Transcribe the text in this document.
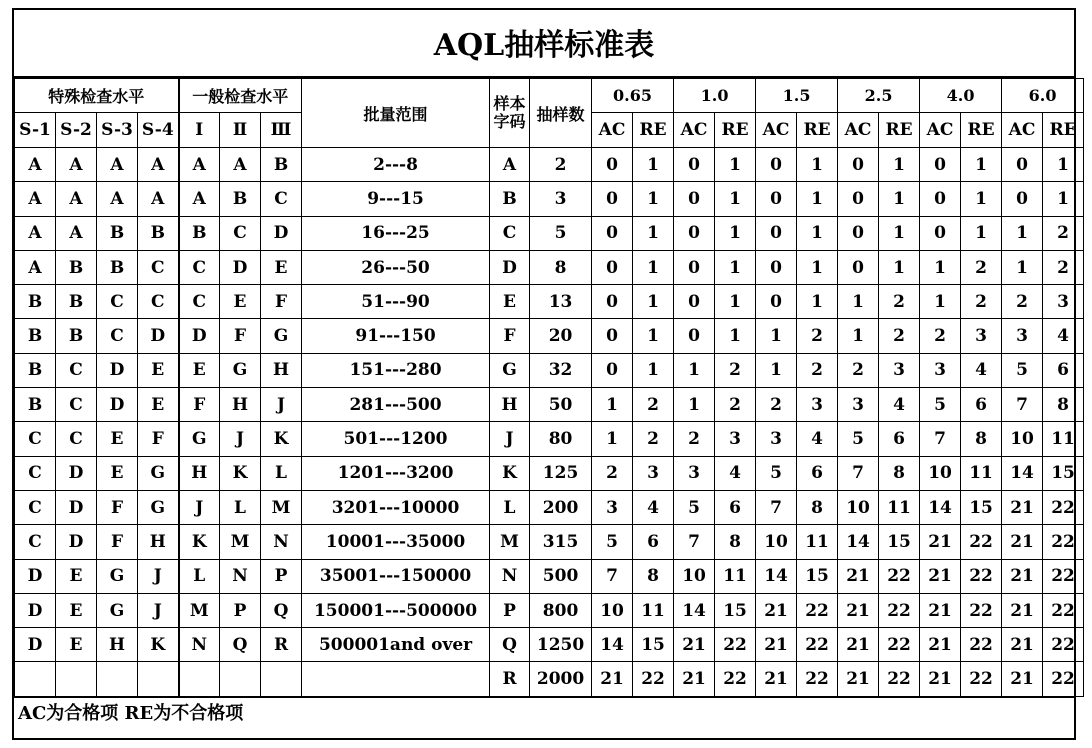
AQL抽样标准表
特殊检查水平				一般检查水平			批量范围	样本字码	抽样数	0.65		1.0		1.5		2.5		4.0		6.0	
S-1	S-2	S-3	S-4	Ⅰ	Ⅱ	Ⅲ				AC	RE	AC	RE	AC	RE	AC	RE	AC	RE	AC	RE
A	A	A	A	A	A	B	2---8	A	2	0	1	0	1	0	1	0	1	0	1	0	1
A	A	A	A	A	B	C	9---15	B	3	0	1	0	1	0	1	0	1	0	1	0	1
A	A	B	B	B	C	D	16---25	C	5	0	1	0	1	0	1	0	1	0	1	1	2
A	B	B	C	C	D	E	26---50	D	8	0	1	0	1	0	1	0	1	1	2	1	2
B	B	C	C	C	E	F	51---90	E	13	0	1	0	1	0	1	1	2	1	2	2	3
B	B	C	D	D	F	G	91---150	F	20	0	1	0	1	1	2	1	2	2	3	3	4
B	C	D	E	E	G	H	151---280	G	32	0	1	1	2	1	2	2	3	3	4	5	6
B	C	D	E	F	H	J	281---500	H	50	1	2	1	2	2	3	3	4	5	6	7	8
C	C	E	F	G	J	K	501---1200	J	80	1	2	2	3	3	4	5	6	7	8	10	11
C	D	E	G	H	K	L	1201---3200	K	125	2	3	3	4	5	6	7	8	10	11	14	15
C	D	F	G	J	L	M	3201---10000	L	200	3	4	5	6	7	8	10	11	14	15	21	22
C	D	F	H	K	M	N	10001---35000	M	315	5	6	7	8	10	11	14	15	21	22	21	22
D	E	G	J	L	N	P	35001---150000	N	500	7	8	10	11	14	15	21	22	21	22	21	22
D	E	G	J	M	P	Q	150001---500000	P	800	10	11	14	15	21	22	21	22	21	22	21	22
D	E	H	K	N	Q	R	500001and over	Q	1250	14	15	21	22	21	22	21	22	21	22	21	22
								R	2000	21	22	21	22	21	22	21	22	21	22	21	22
AC为合格项 RE为不合格项
